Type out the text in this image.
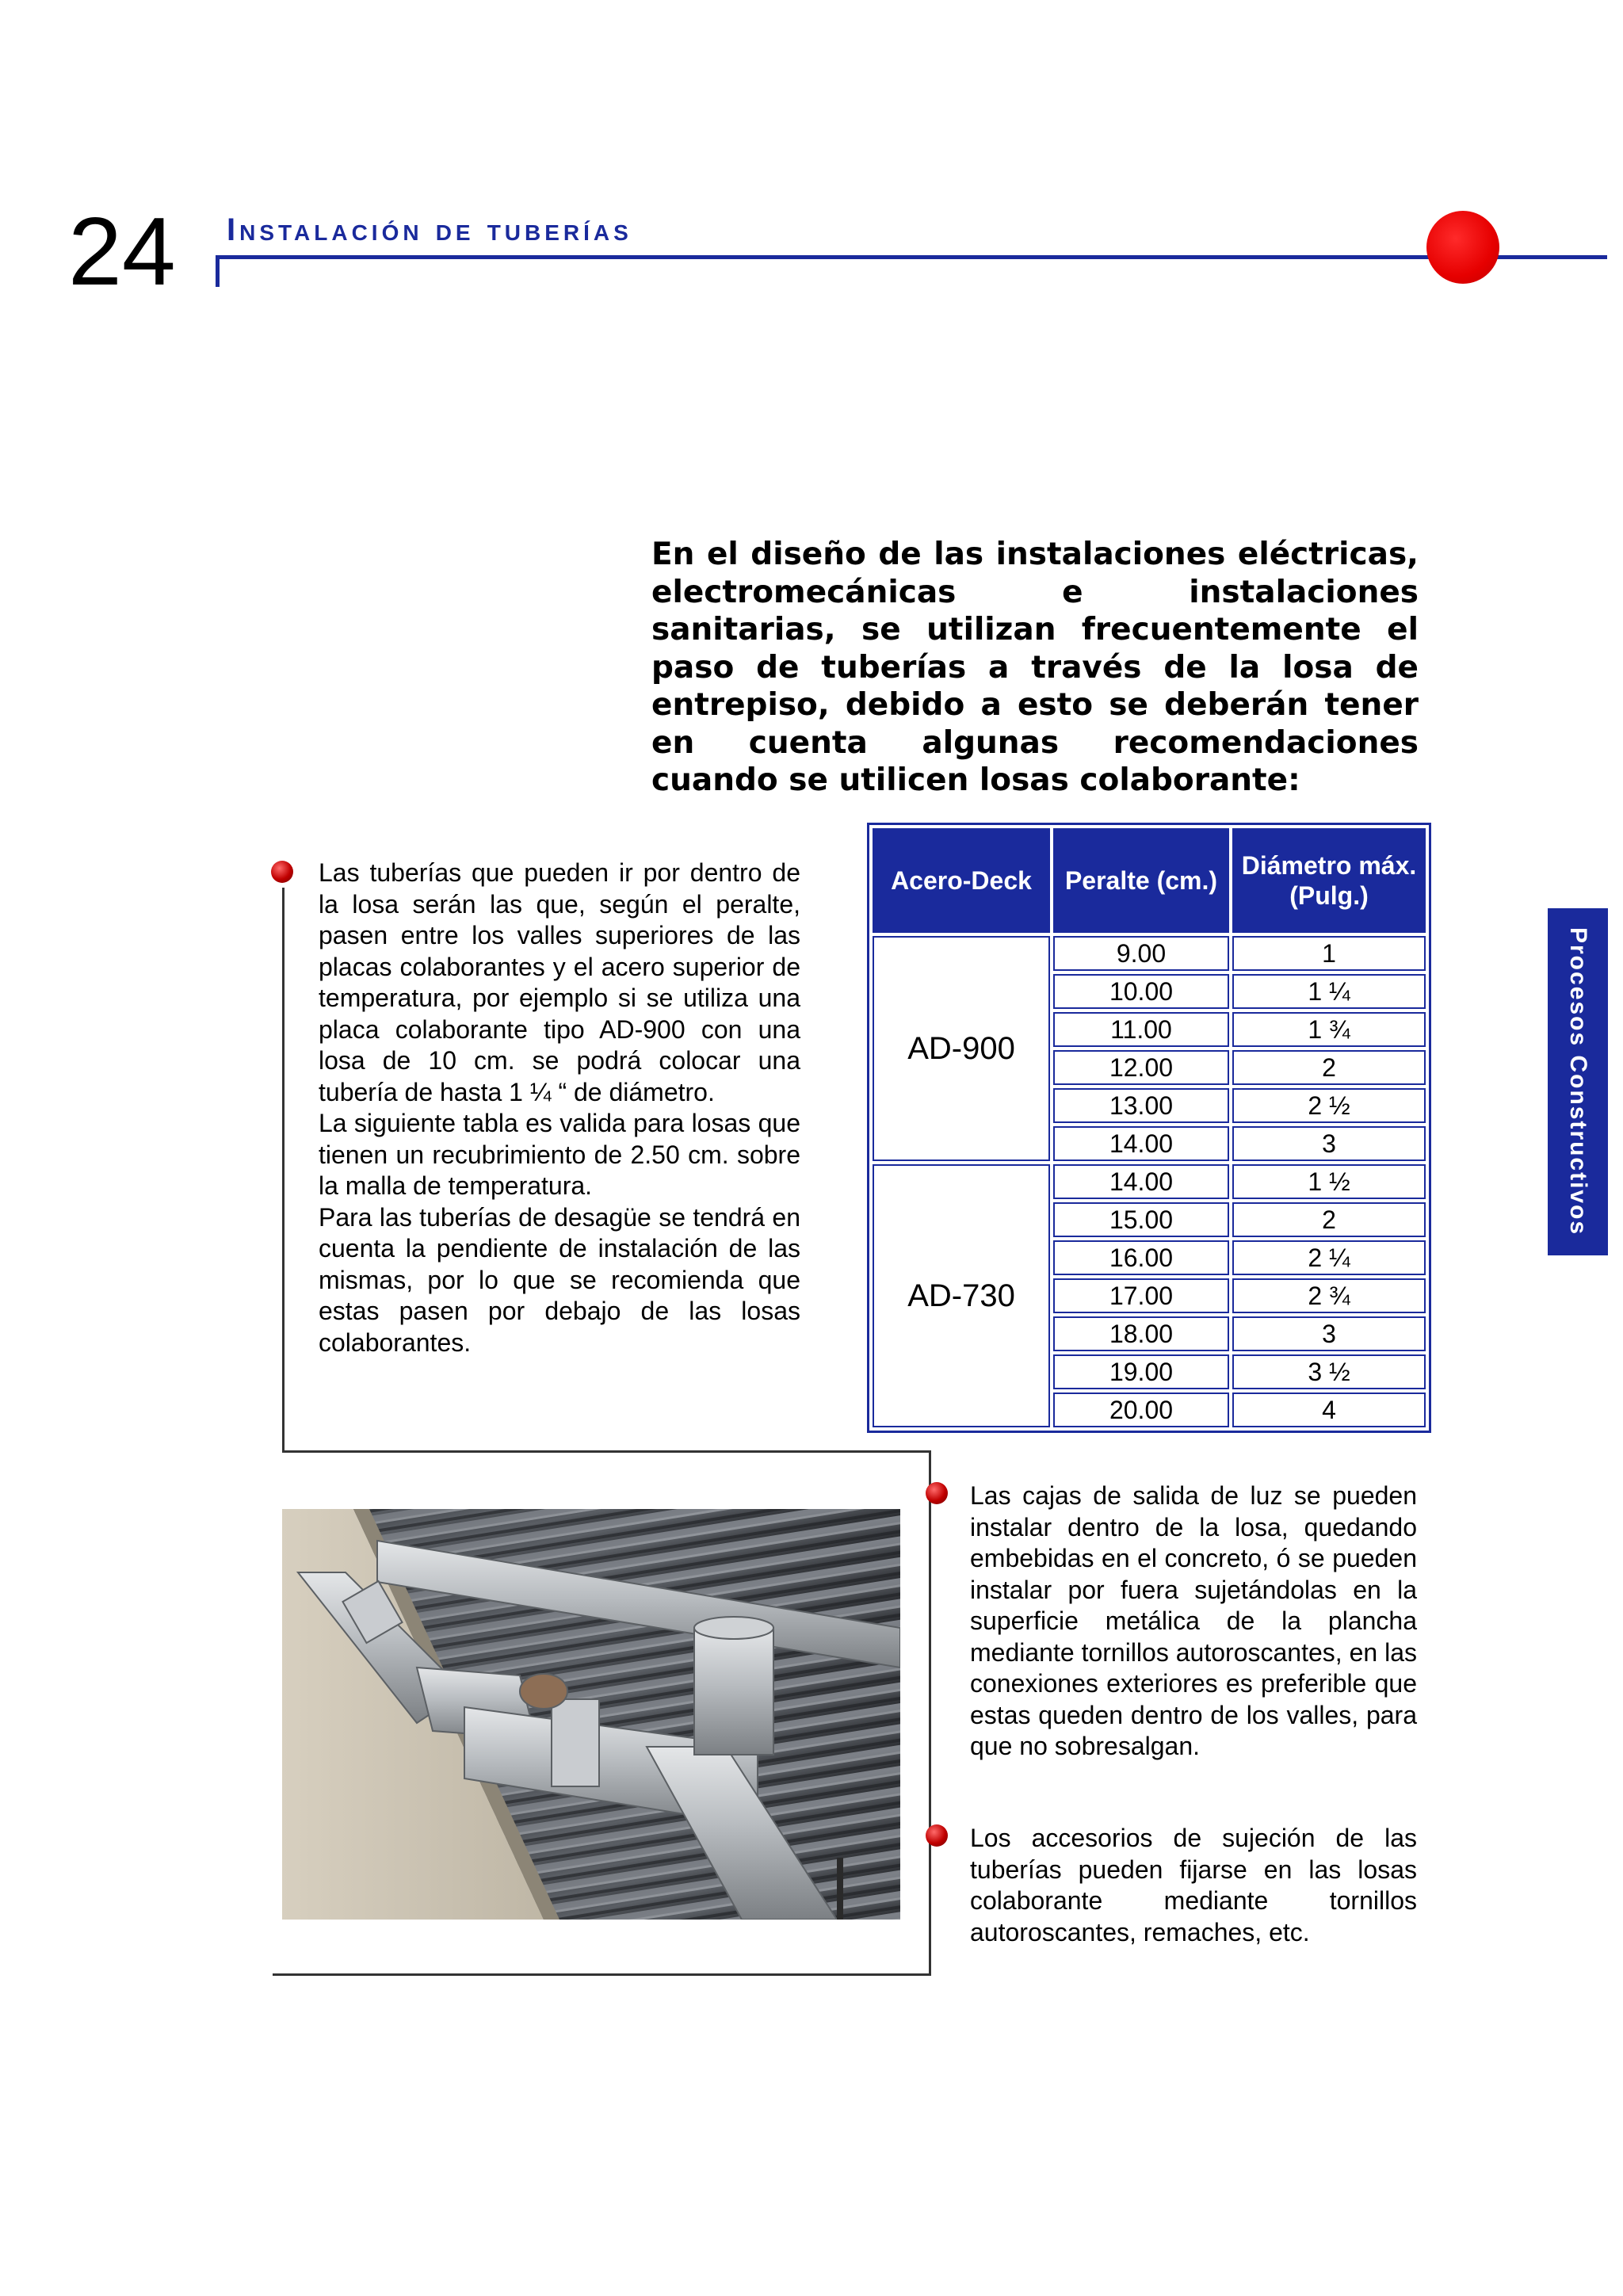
24 Instalación de tuberías
Procesos Constructivos

En el diseño de las instalaciones eléctricas, electromecánicas e instalaciones sanitarias, se utilizan frecuentemente el paso de tuberías a través de la losa de entrepiso, debido a esto se deberán tener en cuenta algunas recomendaciones cuando se utilicen losas colaborante:

Las tuberías que pueden ir por dentro de la losa serán las que, según el peralte, pasen entre los valles superiores de las placas colaborantes y el acero superior de temperatura, por ejemplo si se utiliza una placa colaborante tipo AD-900 con una losa de 10 cm. se podrá colocar una tubería de hasta 1 ¼ “ de diámetro.

La siguiente tabla es valida para losas que tienen un recubrimiento de 2.50 cm. sobre la malla de temperatura.

Para las tuberías de desagüe se tendrá en cuenta la pendiente de instalación de las mismas, por lo que se recomienda que estas pasen por debajo de las losas colaborantes.

Acero-Deck	Peralte (cm.)	Diámetro máx. (Pulg.)
AD-900	9.00	1
	10.00	1 ¼
	11.00	1 ¾
	12.00	2
	13.00	2 ½
	14.00	3
AD-730	14.00	1 ½
	15.00	2
	16.00	2 ¼
	17.00	2 ¾
	18.00	3
	19.00	3 ½
	20.00	4

Las cajas de salida de luz se pueden instalar dentro de la losa, quedando embebidas en el concreto, ó se pueden instalar por fuera sujetándolas en la superficie metálica de la plancha mediante tornillos autoroscantes, en las conexiones exteriores es preferible que estas queden dentro de los valles, para que no sobresalgan.

Los accesorios de sujeción de las tuberías pueden fijarse en las losas colaborante mediante tornillos autoroscantes, remaches, etc.
